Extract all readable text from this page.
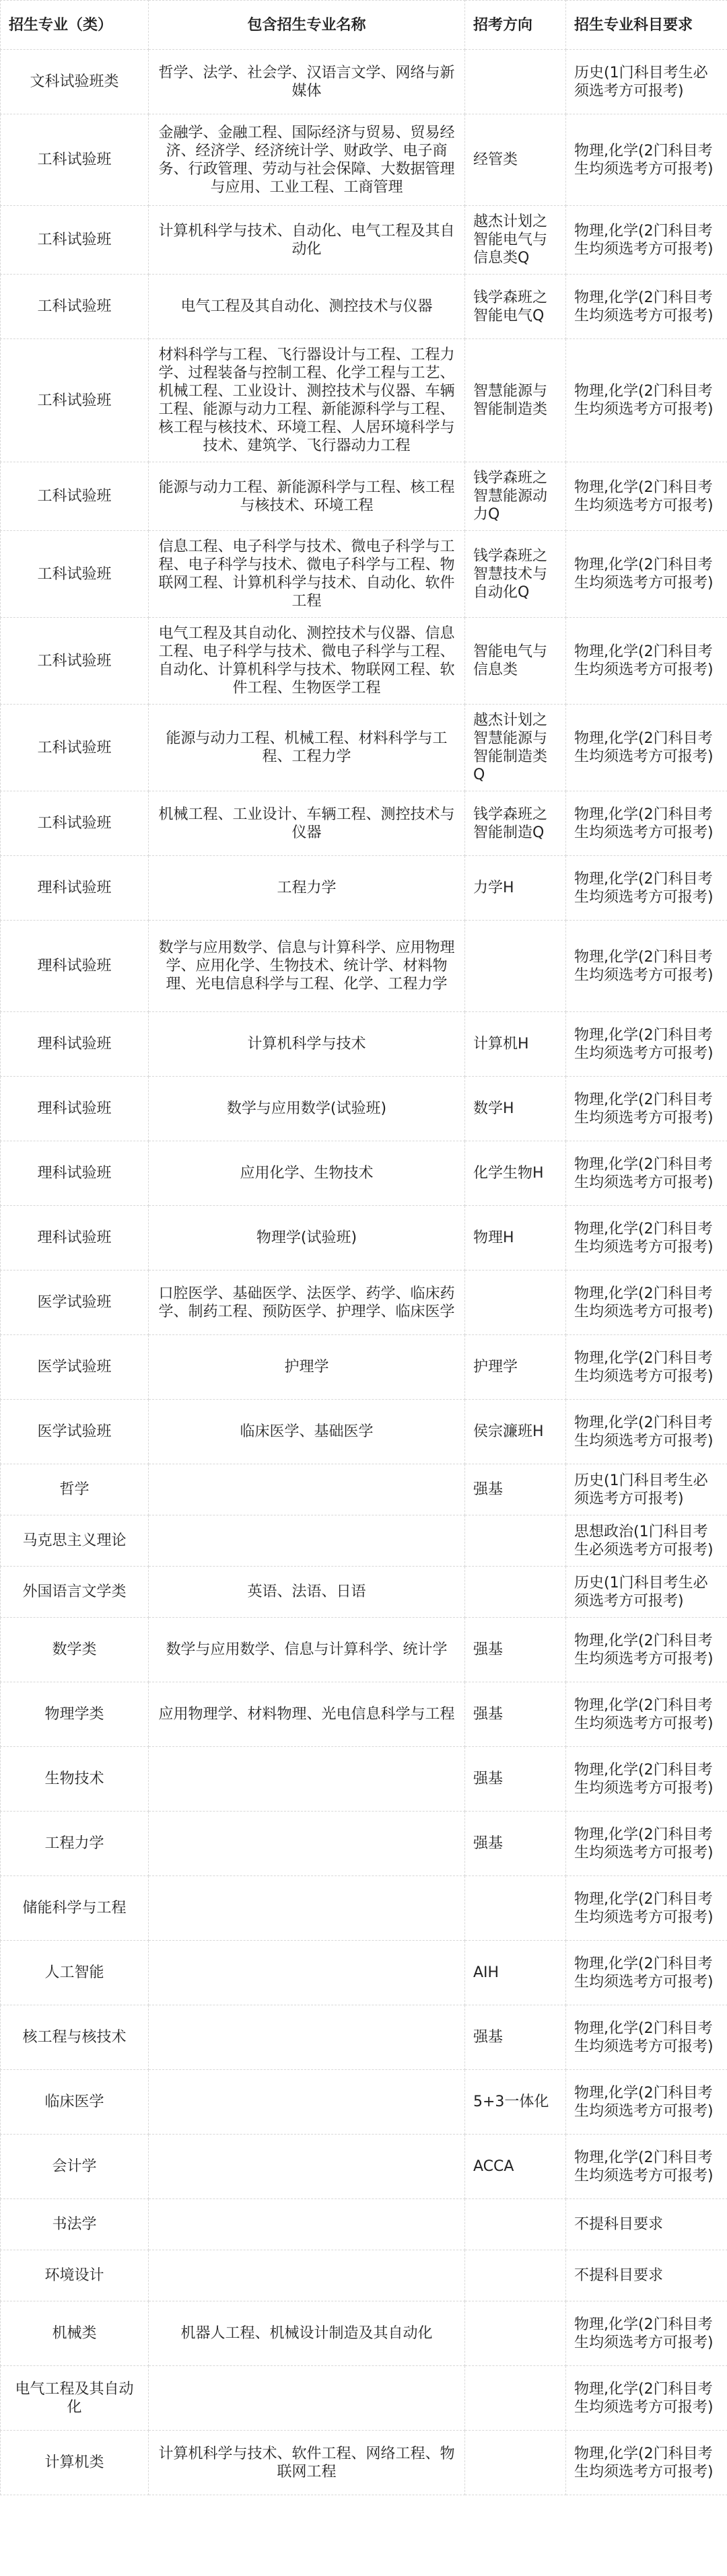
招生专业（类）	包含招生专业名称	招考方向	招生专业科目要求
文科试验班类	哲学、法学、社会学、汉语言文学、网络与新媒体		历史(1门科目考生必须选考方可报考)
工科试验班	金融学、金融工程、国际经济与贸易、贸易经济、经济学、经济统计学、财政学、电子商务、行政管理、劳动与社会保障、大数据管理与应用、工业工程、工商管理	经管类	物理,化学(2门科目考生均须选考方可报考)
工科试验班	计算机科学与技术、自动化、电气工程及其自动化	越杰计划之智能电气与信息类Q	物理,化学(2门科目考生均须选考方可报考)
工科试验班	电气工程及其自动化、测控技术与仪器	钱学森班之智能电气Q	物理,化学(2门科目考生均须选考方可报考)
工科试验班	材料科学与工程、飞行器设计与工程、工程力学、过程装备与控制工程、化学工程与工艺、机械工程、工业设计、测控技术与仪器、车辆工程、能源与动力工程、新能源科学与工程、核工程与核技术、环境工程、人居环境科学与技术、建筑学、飞行器动力工程	智慧能源与智能制造类	物理,化学(2门科目考生均须选考方可报考)
工科试验班	能源与动力工程、新能源科学与工程、核工程与核技术、环境工程	钱学森班之智慧能源动力Q	物理,化学(2门科目考生均须选考方可报考)
工科试验班	信息工程、电子科学与技术、微电子科学与工程、电子科学与技术、微电子科学与工程、物联网工程、计算机科学与技术、自动化、软件工程	钱学森班之智慧技术与自动化Q	物理,化学(2门科目考生均须选考方可报考)
工科试验班	电气工程及其自动化、测控技术与仪器、信息工程、电子科学与技术、微电子科学与工程、自动化、计算机科学与技术、物联网工程、软件工程、生物医学工程	智能电气与信息类	物理,化学(2门科目考生均须选考方可报考)
工科试验班	能源与动力工程、机械工程、材料科学与工程、工程力学	越杰计划之智慧能源与智能制造类Q	物理,化学(2门科目考生均须选考方可报考)
工科试验班	机械工程、工业设计、车辆工程、测控技术与仪器	钱学森班之智能制造Q	物理,化学(2门科目考生均须选考方可报考)
理科试验班	工程力学	力学H	物理,化学(2门科目考生均须选考方可报考)
理科试验班	数学与应用数学、信息与计算科学、应用物理学、应用化学、生物技术、统计学、材料物理、光电信息科学与工程、化学、工程力学		物理,化学(2门科目考生均须选考方可报考)
理科试验班	计算机科学与技术	计算机H	物理,化学(2门科目考生均须选考方可报考)
理科试验班	数学与应用数学(试验班)	数学H	物理,化学(2门科目考生均须选考方可报考)
理科试验班	应用化学、生物技术	化学生物H	物理,化学(2门科目考生均须选考方可报考)
理科试验班	物理学(试验班)	物理H	物理,化学(2门科目考生均须选考方可报考)
医学试验班	口腔医学、基础医学、法医学、药学、临床药学、制药工程、预防医学、护理学、临床医学		物理,化学(2门科目考生均须选考方可报考)
医学试验班	护理学	护理学	物理,化学(2门科目考生均须选考方可报考)
医学试验班	临床医学、基础医学	侯宗濂班H	物理,化学(2门科目考生均须选考方可报考)
哲学		强基	历史(1门科目考生必须选考方可报考)
马克思主义理论			思想政治(1门科目考生必须选考方可报考)
外国语言文学类	英语、法语、日语		历史(1门科目考生必须选考方可报考)
数学类	数学与应用数学、信息与计算科学、统计学	强基	物理,化学(2门科目考生均须选考方可报考)
物理学类	应用物理学、材料物理、光电信息科学与工程	强基	物理,化学(2门科目考生均须选考方可报考)
生物技术		强基	物理,化学(2门科目考生均须选考方可报考)
工程力学		强基	物理,化学(2门科目考生均须选考方可报考)
储能科学与工程			物理,化学(2门科目考生均须选考方可报考)
人工智能		AIH	物理,化学(2门科目考生均须选考方可报考)
核工程与核技术		强基	物理,化学(2门科目考生均须选考方可报考)
临床医学		5+3一体化	物理,化学(2门科目考生均须选考方可报考)
会计学		ACCA	物理,化学(2门科目考生均须选考方可报考)
书法学			不提科目要求
环境设计			不提科目要求
机械类	机器人工程、机械设计制造及其自动化		物理,化学(2门科目考生均须选考方可报考)
电气工程及其自动化			物理,化学(2门科目考生均须选考方可报考)
计算机类	计算机科学与技术、软件工程、网络工程、物联网工程		物理,化学(2门科目考生均须选考方可报考)
